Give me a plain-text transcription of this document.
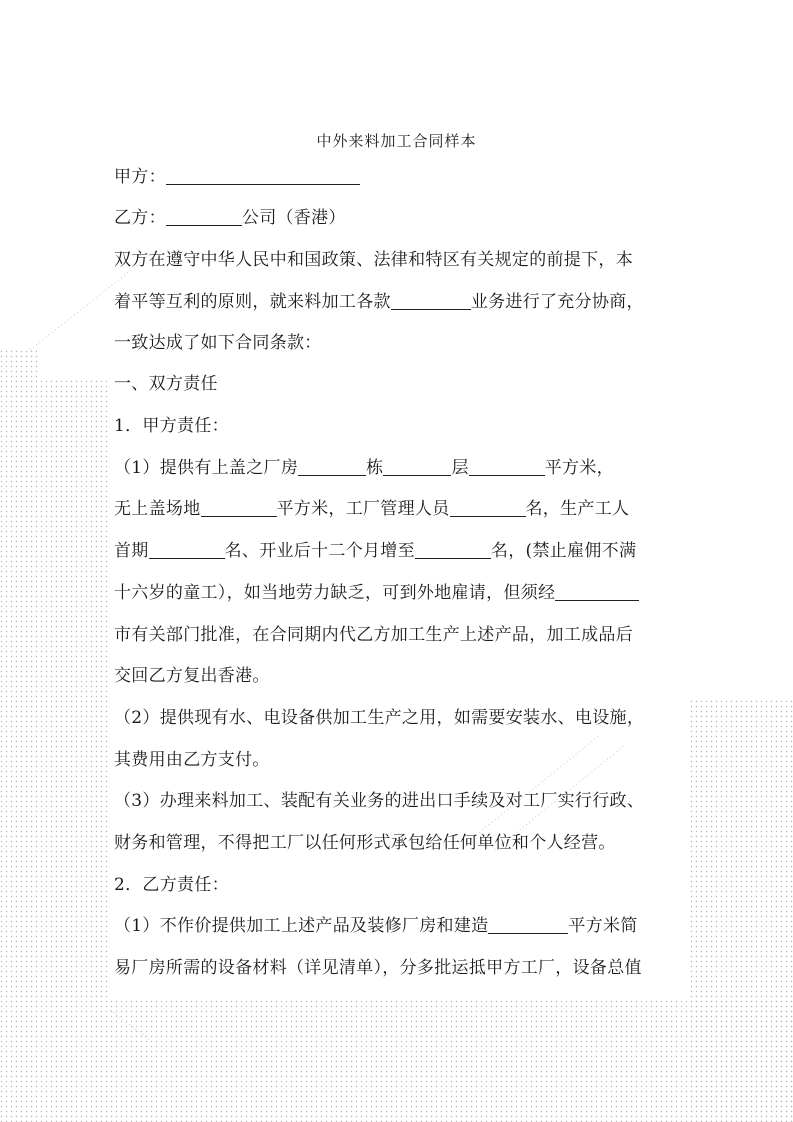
中外来料加工合同样本
甲方：
乙方：	公司（香港）
双方在遵守中华人民中和国政策、法律和特区有关规定的前提下，本
着平等互利的原则，就来料加工各款	业务进行了充分协商，
一致达成了如下合同条款：
一、双方责任
1．甲方责任：
（1）提供有上盖之厂房	栋	层	平方米，
无上盖场地	平方米，工厂管理人员	名，生产工人
首期	名、开业后十二个月增至	名，(禁止雇佣不满
十六岁的童工），如当地劳力缺乏，可到外地雇请，但须经
市有关部门批准，在合同期内代乙方加工生产上述产品，加工成品后
交回乙方复出香港。
（2）提供现有水、电设备供加工生产之用，如需要安装水、电设施，
其费用由乙方支付。
（3）办理来料加工、装配有关业务的进出口手续及对工厂实行行政、
财务和管理，不得把工厂以任何形式承包给任何单位和个人经营。
2．乙方责任：
（1）不作价提供加工上述产品及装修厂房和建造	平方米简
易厂房所需的设备材料（详见清单），分多批运抵甲方工厂，设备总值
